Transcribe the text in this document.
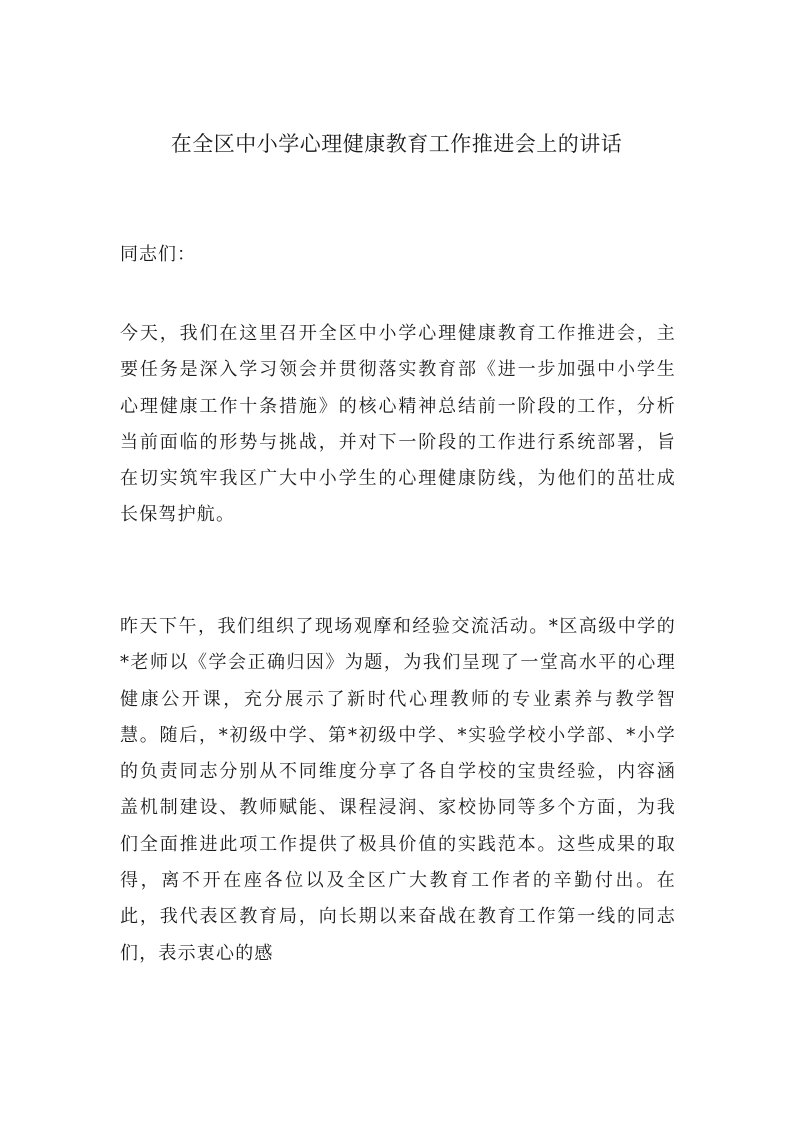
在全区中小学心理健康教育工作推进会上的讲话

同志们：

今天，我们在这里召开全区中小学心理健康教育工作推进会，主要任务是深入学习领会并贯彻落实教育部《进一步加强中小学生心理健康工作十条措施》的核心精神总结前一阶段的工作，分析当前面临的形势与挑战，并对下一阶段的工作进行系统部署，旨在切实筑牢我区广大中小学生的心理健康防线，为他们的茁壮成长保驾护航。

昨天下午，我们组织了现场观摩和经验交流活动。*区高级中学的*老师以《学会正确归因》为题，为我们呈现了一堂高水平的心理健康公开课，充分展示了新时代心理教师的专业素养与教学智慧。随后，*初级中学、第*初级中学、*实验学校小学部、*小学的负责同志分别从不同维度分享了各自学校的宝贵经验，内容涵盖机制建设、教师赋能、课程浸润、家校协同等多个方面，为我们全面推进此项工作提供了极具价值的实践范本。这些成果的取得，离不开在座各位以及全区广大教育工作者的辛勤付出。在此，我代表区教育局，向长期以来奋战在教育工作第一线的同志们，表示衷心的感
